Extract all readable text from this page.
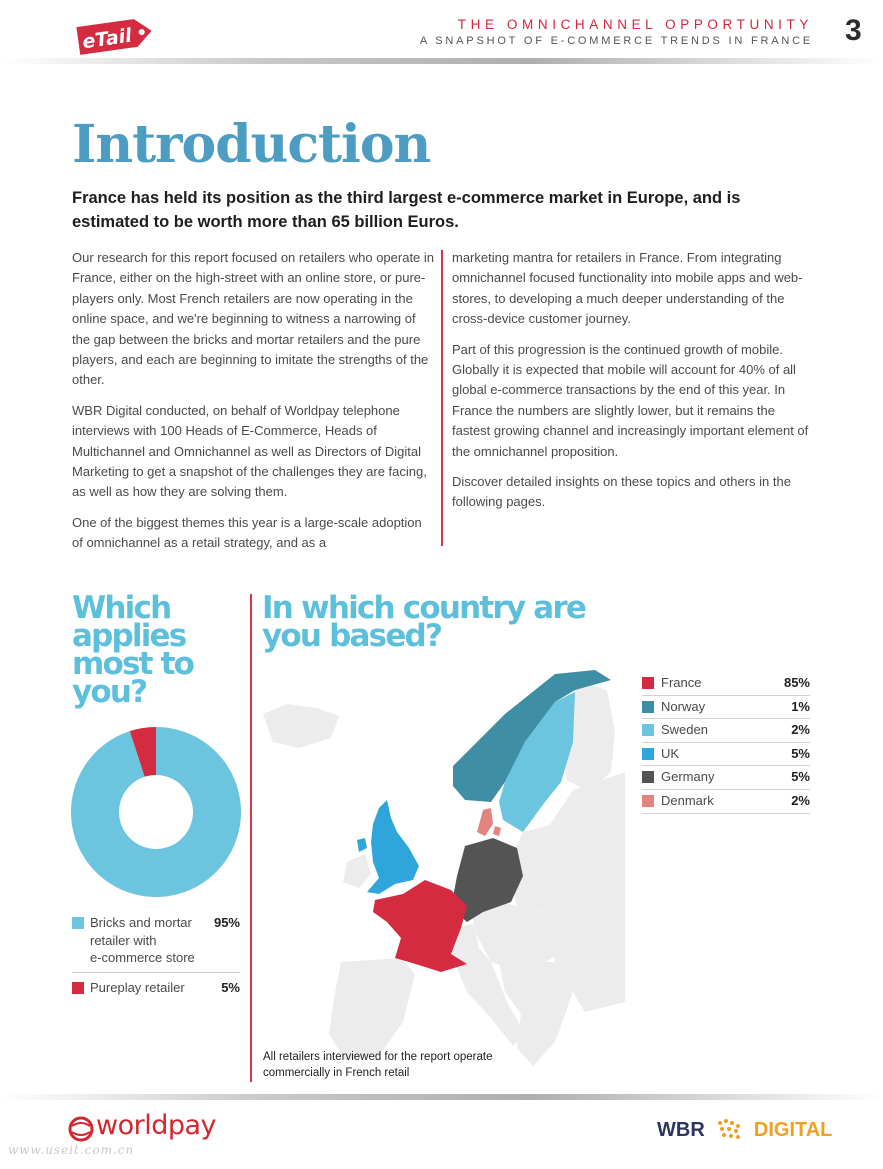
eTail
THE OMNICHANNEL OPPORTUNITY
A SNAPSHOT OF E-COMMERCE TRENDS IN FRANCE 3
Introduction
France has held its position as the third largest e-commerce market in Europe, and is estimated to be worth more than 65 billion Euros.

Our research for this report focused on retailers who operate in France, either on the high-street with an online store, or pure-players only. Most French retailers are now operating in the online space, and we're beginning to witness a narrowing of the gap between the bricks and mortar retailers and the pure players, and each are beginning to imitate the strengths of the other.

WBR Digital conducted, on behalf of Worldpay telephone interviews with 100 Heads of E-Commerce, Heads of Multichannel and Omnichannel as well as Directors of Digital Marketing to get a snapshot of the challenges they are facing, as well as how they are solving them.

One of the biggest themes this year is a large-scale adoption of omnichannel as a retail strategy, and as a

marketing mantra for retailers in France. From integrating omnichannel focused functionality into mobile apps and web-stores, to developing a much deeper understanding of the cross-device customer journey.

Part of this progression is the continued growth of mobile. Globally it is expected that mobile will account for 40% of all global e-commerce transactions by the end of this year. In France the numbers are slightly lower, but it remains the fastest growing channel and increasingly important element of the omnichannel proposition.

Discover detailed insights on these topics and others in the following pages.

Which applies most to you?
Bricks and mortar
retailer with
e-commerce store
95%
Pureplay retailer	5%
In which country are you based?
France	85%
Norway	1%
Sweden	2%
UK	5%
Germany	5%
Denmark	2%
All retailers interviewed for the report operate commercially in French retail
worldpay	WBR DIGITAL
www.useit.com.cn
